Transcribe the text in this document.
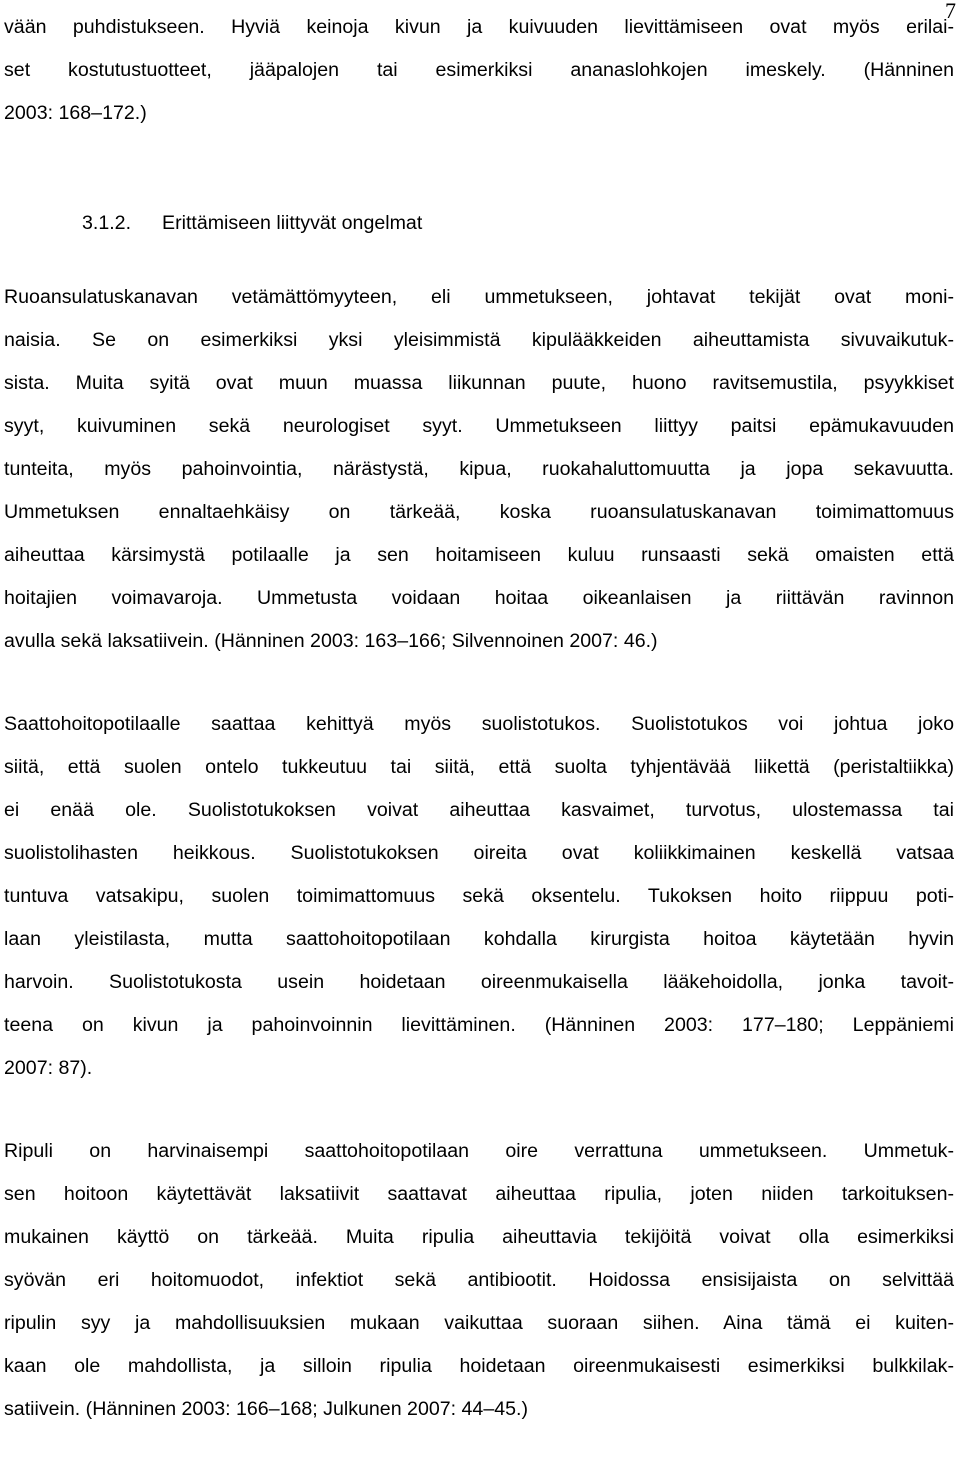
7
vään puhdistukseen. Hyviä keinoja kivun ja kuivuuden lievittämiseen ovat myös erilai-
set kostutustuotteet, jääpalojen tai esimerkiksi ananaslohkojen imeskely. (Hänninen
2003: 168–172.)
3.1.2. Erittämiseen liittyvät ongelmat
Ruoansulatuskanavan vetämättömyyteen, eli ummetukseen, johtavat tekijät ovat moni-
naisia. Se on esimerkiksi yksi yleisimmistä kipulääkkeiden aiheuttamista sivuvaikutuk-
sista. Muita syitä ovat muun muassa liikunnan puute, huono ravitsemustila, psyykkiset
syyt, kuivuminen sekä neurologiset syyt. Ummetukseen liittyy paitsi epämukavuuden
tunteita, myös pahoinvointia, närästystä, kipua, ruokahaluttomuutta ja jopa sekavuutta.
Ummetuksen ennaltaehkäisy on tärkeää, koska ruoansulatuskanavan toimimattomuus
aiheuttaa kärsimystä potilaalle ja sen hoitamiseen kuluu runsaasti sekä omaisten että
hoitajien voimavaroja. Ummetusta voidaan hoitaa oikeanlaisen ja riittävän ravinnon
avulla sekä laksatiivein. (Hänninen 2003: 163–166; Silvennoinen 2007: 46.)
Saattohoitopotilaalle saattaa kehittyä myös suolistotukos. Suolistotukos voi johtua joko
siitä, että suolen ontelo tukkeutuu tai siitä, että suolta tyhjentävää liikettä (peristaltiikka)
ei enää ole. Suolistotukoksen voivat aiheuttaa kasvaimet, turvotus, ulostemassa tai
suolistolihasten heikkous. Suolistotukoksen oireita ovat koliikkimainen keskellä vatsaa
tuntuva vatsakipu, suolen toimimattomuus sekä oksentelu. Tukoksen hoito riippuu poti-
laan yleistilasta, mutta saattohoitopotilaan kohdalla kirurgista hoitoa käytetään hyvin
harvoin. Suolistotukosta usein hoidetaan oireenmukaisella lääkehoidolla, jonka tavoit-
teena on kivun ja pahoinvoinnin lievittäminen. (Hänninen 2003: 177–180; Leppäniemi
2007: 87).
Ripuli on harvinaisempi saattohoitopotilaan oire verrattuna ummetukseen. Ummetuk-
sen hoitoon käytettävät laksatiivit saattavat aiheuttaa ripulia, joten niiden tarkoituksen-
mukainen käyttö on tärkeää. Muita ripulia aiheuttavia tekijöitä voivat olla esimerkiksi
syövän eri hoitomuodot, infektiot sekä antibiootit. Hoidossa ensisijaista on selvittää
ripulin syy ja mahdollisuuksien mukaan vaikuttaa suoraan siihen. Aina tämä ei kuiten-
kaan ole mahdollista, ja silloin ripulia hoidetaan oireenmukaisesti esimerkiksi bulkkilak-
satiivein. (Hänninen 2003: 166–168; Julkunen 2007: 44–45.)
